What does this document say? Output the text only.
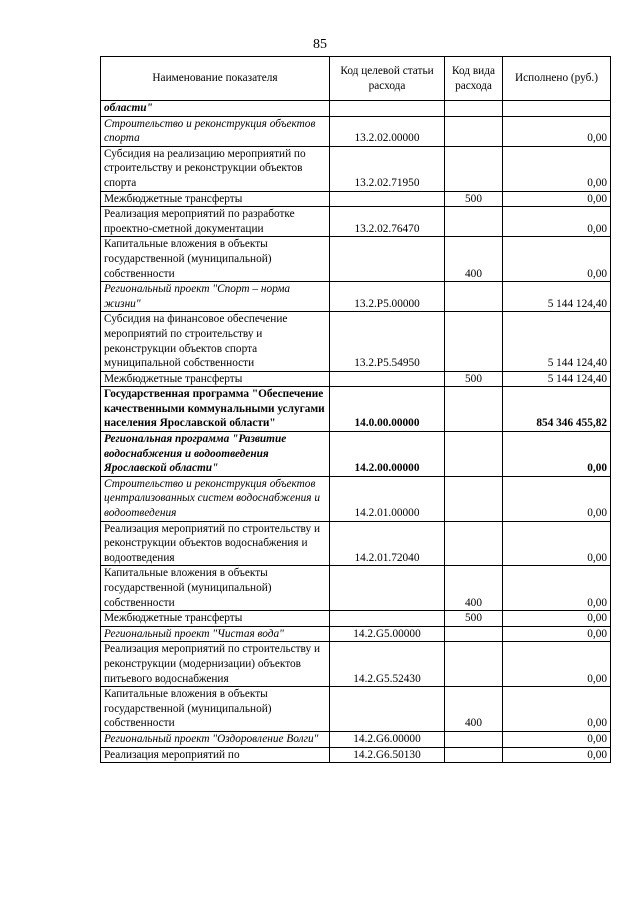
85
Наименование показателя	Код целевой статьи расхода	Код вида расхода	Исполнено (руб.)
области"			
Строительство и реконструкция объектов спорта	13.2.02.00000		0,00
Субсидия на реализацию мероприятий по строительству и реконструкции объектов спорта	13.2.02.71950		0,00
Межбюджетные трансферты		500	0,00
Реализация мероприятий по разработке проектно-сметной документации	13.2.02.76470		0,00
Капитальные вложения в объекты государственной (муниципальной) собственности		400	0,00
Региональный проект "Спорт – норма жизни"	13.2.P5.00000		5 144 124,40
Субсидия на финансовое обеспечение мероприятий по строительству и реконструкции объектов спорта муниципальной собственности	13.2.P5.54950		5 144 124,40
Межбюджетные трансферты		500	5 144 124,40
Государственная программа "Обеспечение качественными коммунальными услугами населения Ярославской области"	14.0.00.00000		854 346 455,82
Региональная программа "Развитие водоснабжения и водоотведения Ярославской области"	14.2.00.00000		0,00
Строительство и реконструкция объектов централизованных систем водоснабжения и водоотведения	14.2.01.00000		0,00
Реализация мероприятий по строительству и реконструкции объектов водоснабжения и водоотведения	14.2.01.72040		0,00
Капитальные вложения в объекты государственной (муниципальной) собственности		400	0,00
Межбюджетные трансферты		500	0,00
Региональный проект "Чистая вода"	14.2.G5.00000		0,00
Реализация мероприятий по строительству и реконструкции (модернизации) объектов питьевого водоснабжения	14.2.G5.52430		0,00
Капитальные вложения в объекты государственной (муниципальной) собственности		400	0,00
Региональный проект "Оздоровление Волги"	14.2.G6.00000		0,00
Реализация мероприятий по	14.2.G6.50130		0,00
